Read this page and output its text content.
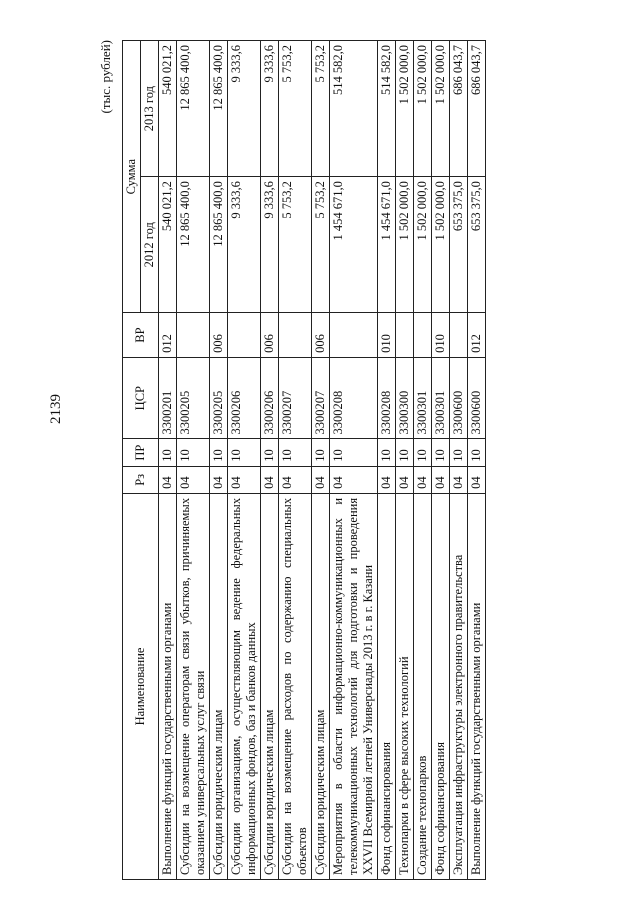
2139
(тыс. рублей)
Наименование	Рз	ПР	ЦСР	ВР	Сумма	
					2012 год	2013 год
Выполнение функций государственными органами	04	10	3300201	012	540 021,2	540 021,2
Субсидии на возмещение операторам связи убытков, причиняемых оказанием универсальных услуг связи	04	10	3300205		12 865 400,0	12 865 400,0
Субсидии юридическим лицам	04	10	3300205	006	12 865 400,0	12 865 400,0
Субсидии организациям, осуществляющим ведение федеральных информационных фондов, баз и банков данных	04	10	3300206		9 333,6	9 333,6
Субсидии юридическим лицам	04	10	3300206	006	9 333,6	9 333,6
Субсидии на возмещение расходов по содержанию специальных объектов	04	10	3300207		5 753,2	5 753,2
Субсидии юридическим лицам	04	10	3300207	006	5 753,2	5 753,2
Мероприятия в области информационно-коммуникационных и телекоммуникационных технологий для подготовки и проведения XXVII Всемирной летней Универсиады 2013 г. в г. Казани	04	10	3300208		1 454 671,0	514 582,0
Фонд софинансирования	04	10	3300208	010	1 454 671,0	514 582,0
Технопарки в сфере высоких технологий	04	10	3300300		1 502 000,0	1 502 000,0
Создание технопарков	04	10	3300301		1 502 000,0	1 502 000,0
Фонд софинансирования	04	10	3300301	010	1 502 000,0	1 502 000,0
Эксплуатация инфраструктуры электронного правительства	04	10	3300600		653 375,0	686 043,7
Выполнение функций государственными органами	04	10	3300600	012	653 375,0	686 043,7
